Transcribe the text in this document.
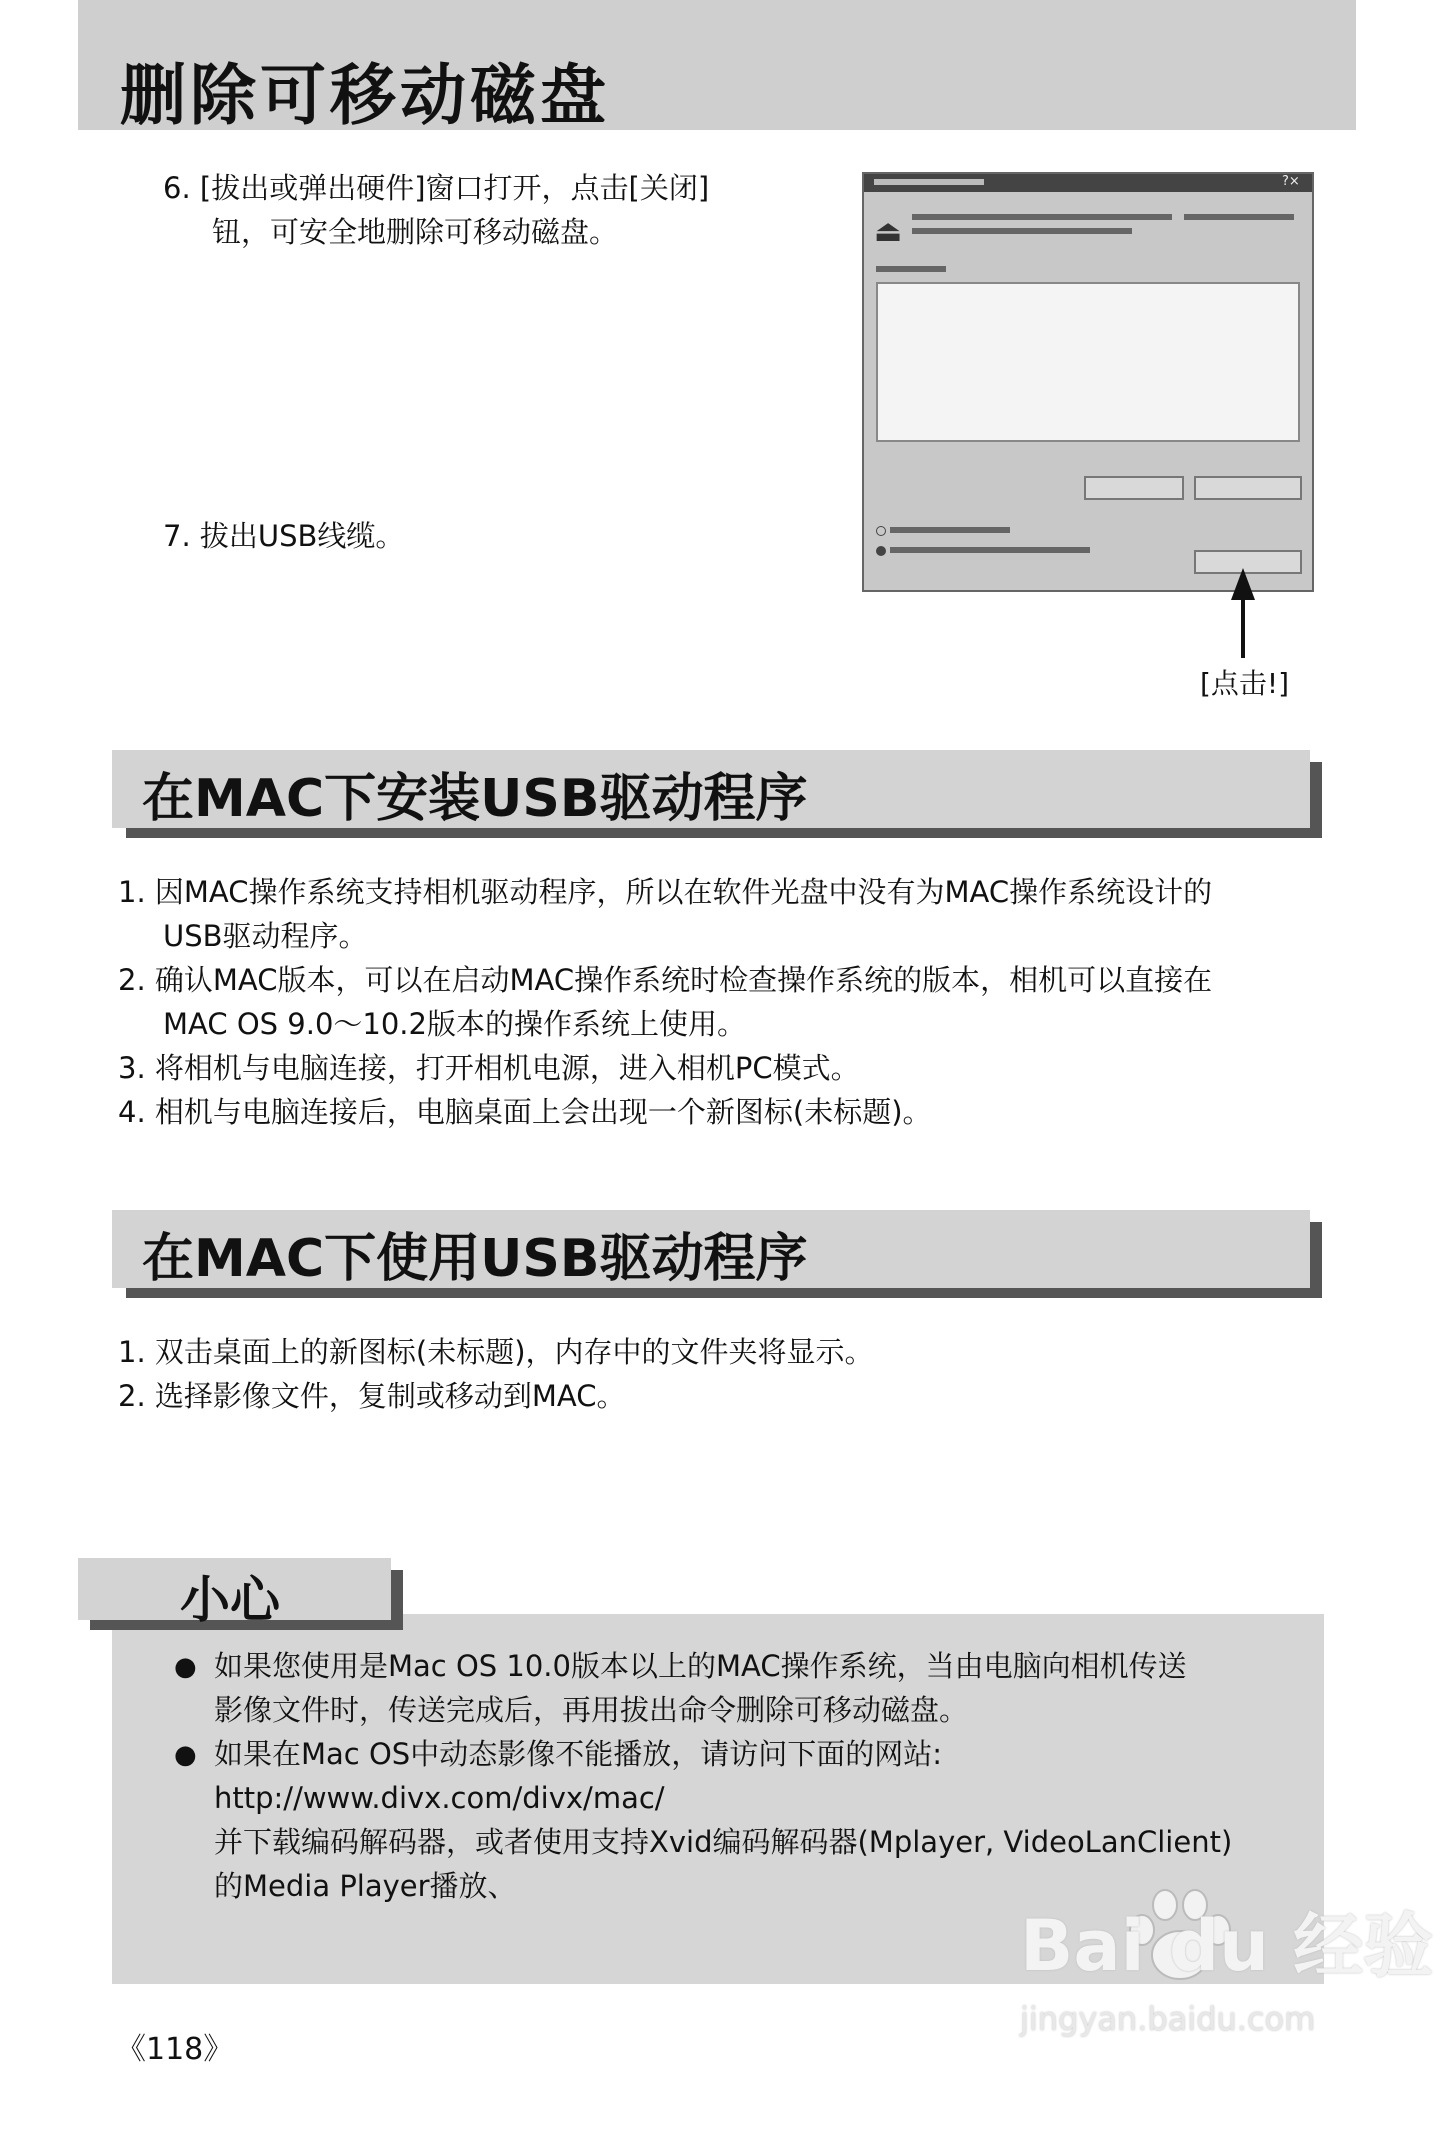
删除可移动磁盘
6. [拔出或弹出硬件]窗口打开，点击[关闭]
钮，可安全地删除可移动磁盘。
7. 拔出USB线缆。
?×
⏏
[点击!]
在MAC下安装USB驱动程序
1. 因MAC操作系统支持相机驱动程序，所以在软件光盘中没有为MAC操作系统设计的
USB驱动程序。
2. 确认MAC版本，可以在启动MAC操作系统时检查操作系统的版本，相机可以直接在
MAC OS 9.0～10.2版本的操作系统上使用。
3. 将相机与电脑连接，打开相机电源，进入相机PC模式。
4. 相机与电脑连接后，电脑桌面上会出现一个新图标(未标题)。
在MAC下使用USB驱动程序
1. 双击桌面上的新图标(未标题)，内存中的文件夹将显示。
2. 选择影像文件，复制或移动到MAC。
小心
● 如果您使用是Mac OS 10.0版本以上的MAC操作系统，当由电脑向相机传送
影像文件时，传送完成后，再用拔出命令删除可移动磁盘。
● 如果在Mac OS中动态影像不能播放，请访问下面的网站:
http://www.divx.com/divx/mac/
并下载编码解码器，或者使用支持Xvid编码解码器(Mplayer, VideoLanClient)
的Media Player播放、
《118》
Bai du 经验
jingyan.baidu.com
